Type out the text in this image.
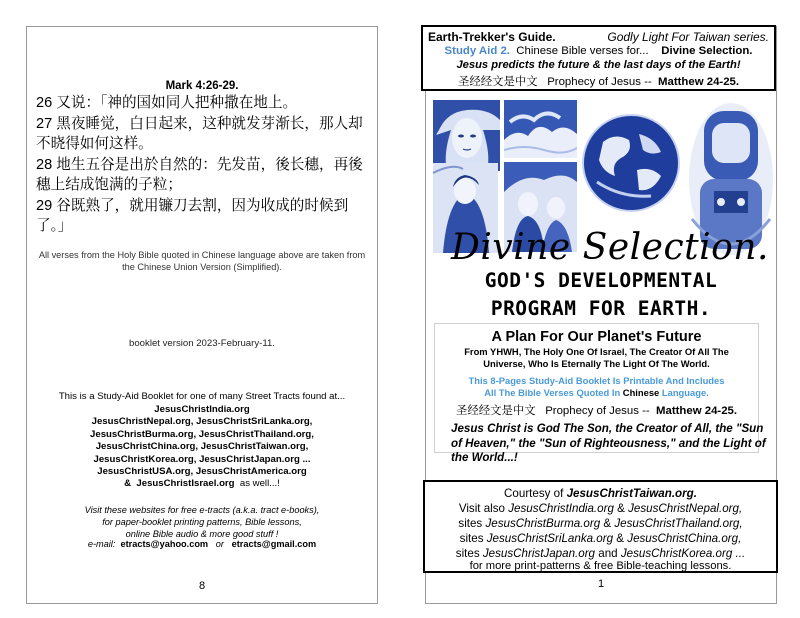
Mark 4:26-29.

26 又说：「神的国如同人把种撒在地上。

27 黑夜睡觉，白日起来，这种就发芽渐长，那人却不晓得如何这样。

28 地生五谷是出於自然的：先发苗，後长穗，再後穗上结成饱满的子粒；

29 谷既熟了，就用镰刀去割，因为收成的时候到了。」

All verses from the Holy Bible quoted in Chinese language above are taken from the Chinese Union Version (Simplified).
booklet version 2023-February-11.
This is a Study-Aid Booklet for one of many Street Tracts found at...
JesusChristIndia.org
JesusChristNepal.org, JesusChristSriLanka.org,
JesusChristBurma.org, JesusChristThailand.org,
JesusChristChina.org, JesusChristTaiwan.org,
JesusChristKorea.org, JesusChristJapan.org ...
JesusChristUSA.org, JesusChristAmerica.org
& JesusChristIsrael.org as well...!
Visit these websites for free e-tracts (a.k.a. tract e-books),
for paper-booklet printing patterns, Bible lessons,
online Bible audio & more good stuff !
e-mail: etracts@yahoo.com or etracts@gmail.com
8
Earth-Trekker's Guide.	Godly Light For Taiwan series.
Study Aid 2. Chinese Bible verses for... Divine Selection.
Jesus predicts the future & the last days of the Earth!
圣经经文是中文 Prophecy of Jesus -- Matthew 24-25.
Divine Selection.
GOD'S DEVELOPMENTAL
PROGRAM FOR EARTH.
A Plan For Our Planet's Future
From YHWH, The Holy One Of Israel, The Creator Of All The Universe, Who Is Eternally The Light Of The World.
This 8-Pages Study-Aid Booklet Is Printable And Includes
All The Bible Verses Quoted In Chinese Language.
圣经经文是中文 Prophecy of Jesus -- Matthew 24-25.
Jesus Christ is God The Son, the Creator of All, the "Sun of Heaven," the "Sun of Righteousness," and the Light of the World...!
Courtesy of JesusChristTaiwan.org.
Visit also JesusChristIndia.org & JesusChristNepal.org,
sites JesusChristBurma.org & JesusChristThailand.org,
sites JesusChristSriLanka.org & JesusChristChina.org,
sites JesusChristJapan.org and JesusChristKorea.org ...
for more print-patterns & free Bible-teaching lessons.
1
